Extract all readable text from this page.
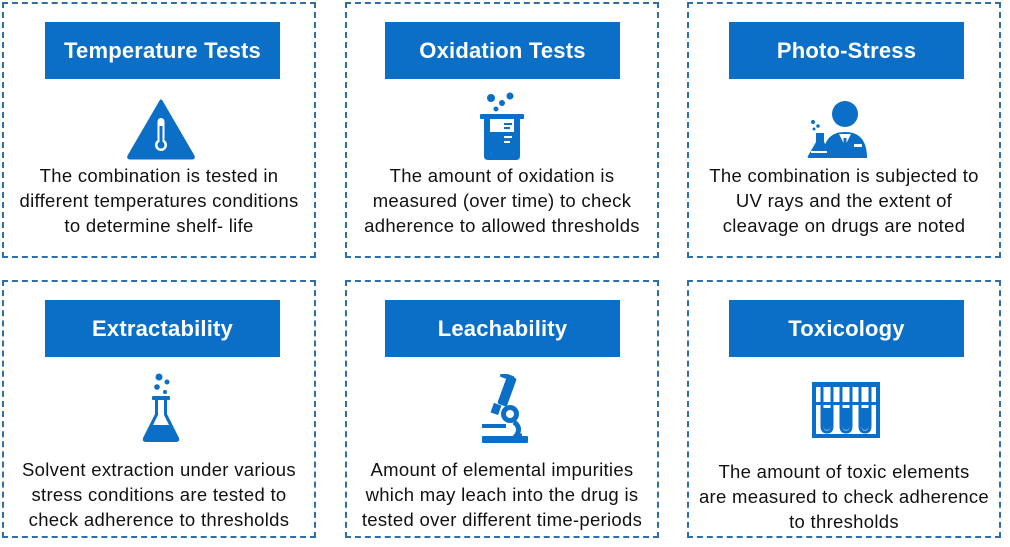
Temperature Tests
The combination is tested in
different temperatures conditions
to determine shelf- life
Oxidation Tests
The amount of oxidation is
measured (over time) to check
adherence to allowed thresholds
Photo-Stress
The combination is subjected to
UV rays and the extent of
cleavage on drugs are noted
Extractability
Solvent extraction under various
stress conditions are tested to
check adherence to thresholds
Leachability
Amount of elemental impurities
which may leach into the drug is
tested over different time-periods
Toxicology
The amount of toxic elements
are measured to check adherence
to thresholds
